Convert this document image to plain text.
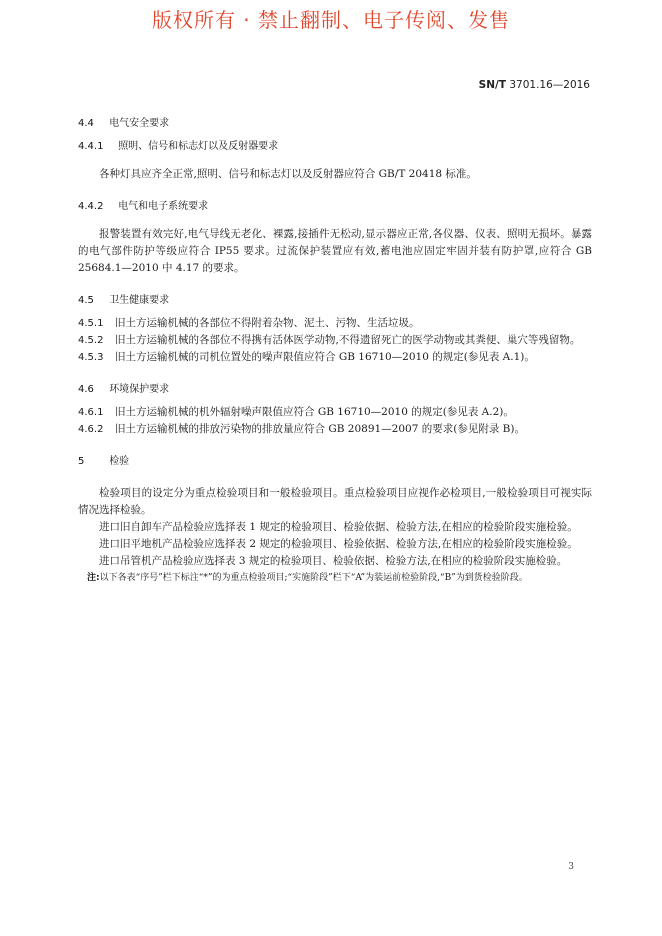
版权所有 · 禁止翻制、电子传阅、发售
SN/T 3701.16—2016
4.4 电气安全要求
4.4.1 照明、信号和标志灯以及反射器要求

各种灯具应齐全正常,照明、信号和标志灯以及反射器应符合 GB/T 20418 标准。

4.4.2 电气和电子系统要求

报警装置有效完好,电气导线无老化、裸露,接插件无松动,显示器应正常,各仪器、仪表、照明无损坏。暴露的电气部件防护等级应符合 IP55 要求。过流保护装置应有效,蓄电池应固定牢固并装有防护罩,应符合 GB 25684.1—2010 中 4.17 的要求。

4.5 卫生健康要求

4.5.1 旧土方运输机械的各部位不得附着杂物、泥土、污物、生活垃圾。

4.5.2 旧土方运输机械的各部位不得携有活体医学动物,不得遗留死亡的医学动物或其粪便、巢穴等残留物。

4.5.3 旧土方运输机械的司机位置处的噪声限值应符合 GB 16710—2010 的规定(参见表 A.1)。

4.6 环境保护要求

4.6.1 旧土方运输机械的机外辐射噪声限值应符合 GB 16710—2010 的规定(参见表 A.2)。

4.6.2 旧土方运输机械的排放污染物的排放量应符合 GB 20891—2007 的要求(参见附录 B)。

5 检验

检验项目的设定分为重点检验项目和一般检验项目。重点检验项目应视作必检项目,一般检验项目可视实际情况选择检验。

进口旧自卸车产品检验应选择表 1 规定的检验项目、检验依据、检验方法,在相应的检验阶段实施检验。

进口旧平地机产品检验应选择表 2 规定的检验项目、检验依据、检验方法,在相应的检验阶段实施检验。

进口吊管机产品检验应选择表 3 规定的检验项目、检验依据、检验方法,在相应的检验阶段实施检验。

注:以下各表“序号”栏下标注“*”的为重点检验项目;“实施阶段”栏下“A”为装运前检验阶段,“B”为到货检验阶段。

3
